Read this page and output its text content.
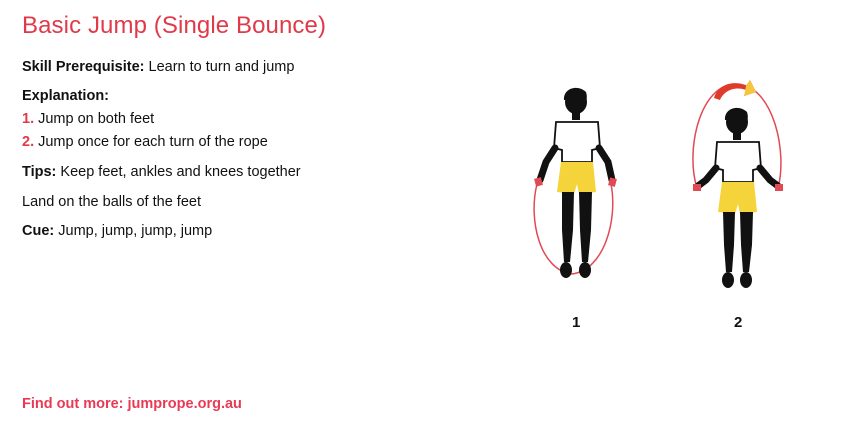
Basic Jump (Single Bounce)
Skill Prerequisite: Learn to turn and jump
Explanation:
1. Jump on both feet
2. Jump once for each turn of the rope
Tips: Keep feet, ankles and knees together
Land on the balls of the feet
Cue: Jump, jump, jump, jump
1	2
Find out more: jumprope.org.au
